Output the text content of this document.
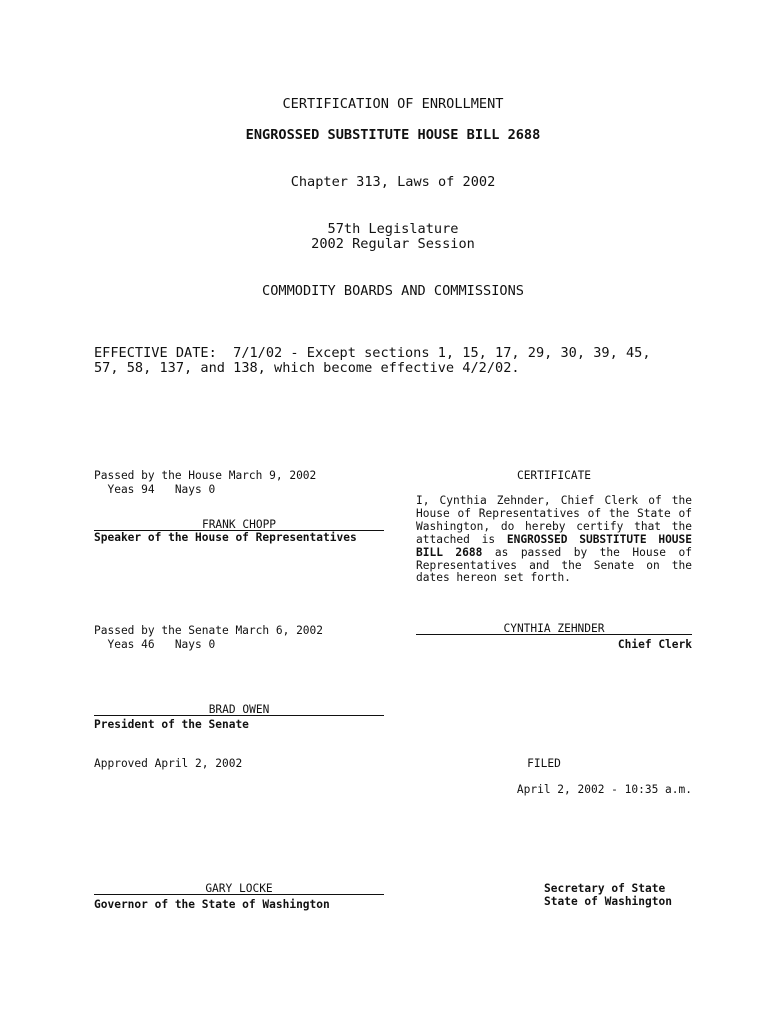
CERTIFICATION OF ENROLLMENT
ENGROSSED SUBSTITUTE HOUSE BILL 2688
Chapter 313, Laws of 2002
57th Legislature
2002 Regular Session
COMMODITY BOARDS AND COMMISSIONS
EFFECTIVE DATE:  7/1/02 - Except sections 1, 15, 17, 29, 30, 39, 45,
57, 58, 137, and 138, which become effective 4/2/02.
Passed by the House March 9, 2002
Yeas 94   Nays 0
FRANK CHOPP
Speaker of the House of Representatives
CERTIFICATE
I, Cynthia Zehnder, Chief Clerk of the House of Representatives of the State of Washington, do hereby certify that the attached is ENGROSSED SUBSTITUTE HOUSE BILL 2688 as passed by the House of Representatives and the Senate on the dates hereon set forth.
CYNTHIA ZEHNDER
Chief Clerk
Passed by the Senate March 6, 2002
Yeas 46   Nays 0
BRAD OWEN
President of the Senate
Approved April 2, 2002
GARY LOCKE
Governor of the State of Washington
FILED
April 2, 2002 - 10:35 a.m.
Secretary of State
State of Washington
